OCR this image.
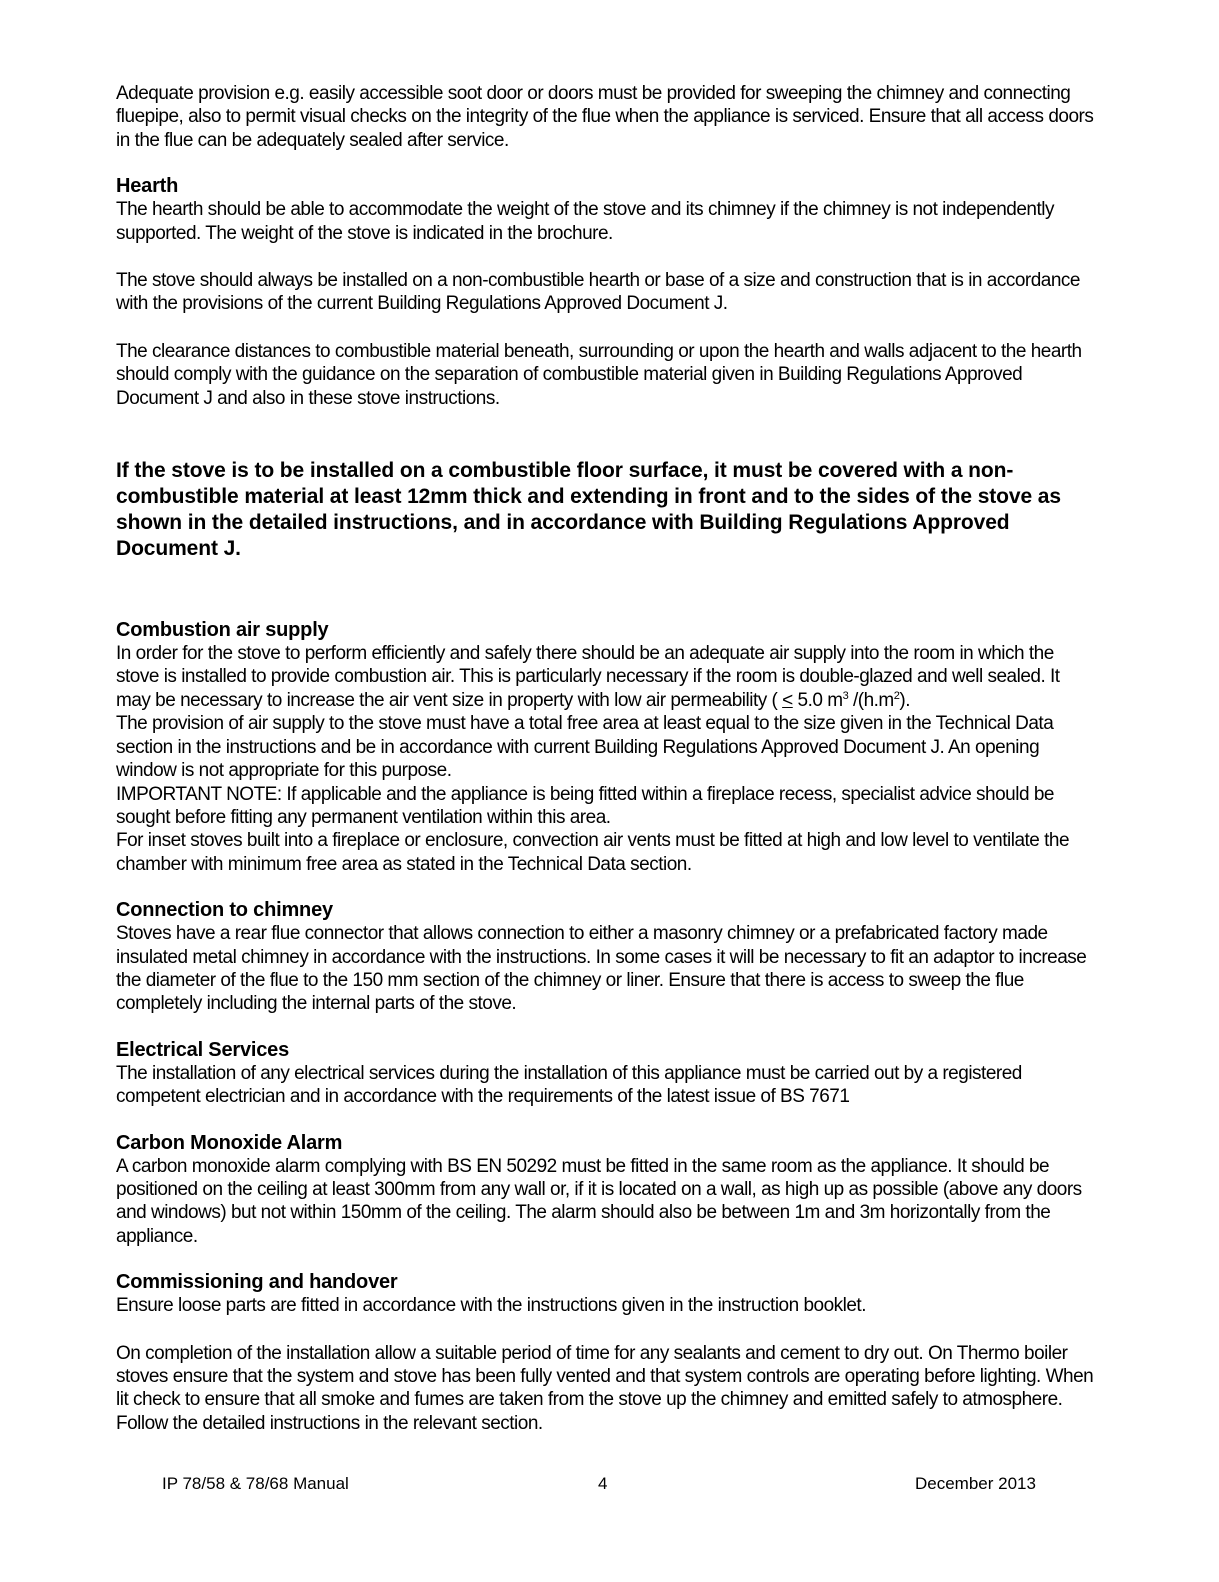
Adequate provision e.g. easily accessible soot door or doors must be provided for sweeping the chimney and connecting fluepipe, also to permit visual checks on the integrity of the flue when the appliance is serviced. Ensure that all access doors in the flue can be adequately sealed after service.

Hearth

The hearth should be able to accommodate the weight of the stove and its chimney if the chimney is not independently supported. The weight of the stove is indicated in the brochure.

The stove should always be installed on a non-combustible hearth or base of a size and construction that is in accordance with the provisions of the current Building Regulations Approved Document J.

The clearance distances to combustible material beneath, surrounding or upon the hearth and walls adjacent to the hearth should comply with the guidance on the separation of combustible material given in Building Regulations Approved Document J and also in these stove instructions.

If the stove is to be installed on a combustible floor surface, it must be covered with a non-combustible material at least 12mm thick and extending in front and to the sides of the stove as shown in the detailed instructions, and in accordance with Building Regulations Approved Document J.

Combustion air supply

In order for the stove to perform efficiently and safely there should be an adequate air supply into the room in which the stove is installed to provide combustion air. This is particularly necessary if the room is double-glazed and well sealed. It may be necessary to increase the air vent size in property with low air permeability ( ≤ 5.0 $m^3$ $/(h.m^2)$.

The provision of air supply to the stove must have a total free area at least equal to the size given in the Technical Data section in the instructions and be in accordance with current Building Regulations Approved Document J. An opening window is not appropriate for this purpose.

IMPORTANT NOTE: If applicable and the appliance is being fitted within a fireplace recess, specialist advice should be sought before fitting any permanent ventilation within this area.

For inset stoves built into a fireplace or enclosure, convection air vents must be fitted at high and low level to ventilate the chamber with minimum free area as stated in the Technical Data section.

Connection to chimney

Stoves have a rear flue connector that allows connection to either a masonry chimney or a prefabricated factory made insulated metal chimney in accordance with the instructions. In some cases it will be necessary to fit an adaptor to increase the diameter of the flue to the 150 mm section of the chimney or liner. Ensure that there is access to sweep the flue completely including the internal parts of the stove.

Electrical Services

The installation of any electrical services during the installation of this appliance must be carried out by a registered competent electrician and in accordance with the requirements of the latest issue of BS 7671

Carbon Monoxide Alarm

A carbon monoxide alarm complying with BS EN 50292 must be fitted in the same room as the appliance. It should be positioned on the ceiling at least 300mm from any wall or, if it is located on a wall, as high up as possible (above any doors and windows) but not within 150mm of the ceiling. The alarm should also be between 1m and 3m horizontally from the appliance.

Commissioning and handover

Ensure loose parts are fitted in accordance with the instructions given in the instruction booklet.

On completion of the installation allow a suitable period of time for any sealants and cement to dry out. On Thermo boiler stoves ensure that the system and stove has been fully vented and that system controls are operating before lighting. When lit check to ensure that all smoke and fumes are taken from the stove up the chimney and emitted safely to atmosphere. Follow the detailed instructions in the relevant section.

IP 78/58 & 78/68 Manual	4	December 2013
